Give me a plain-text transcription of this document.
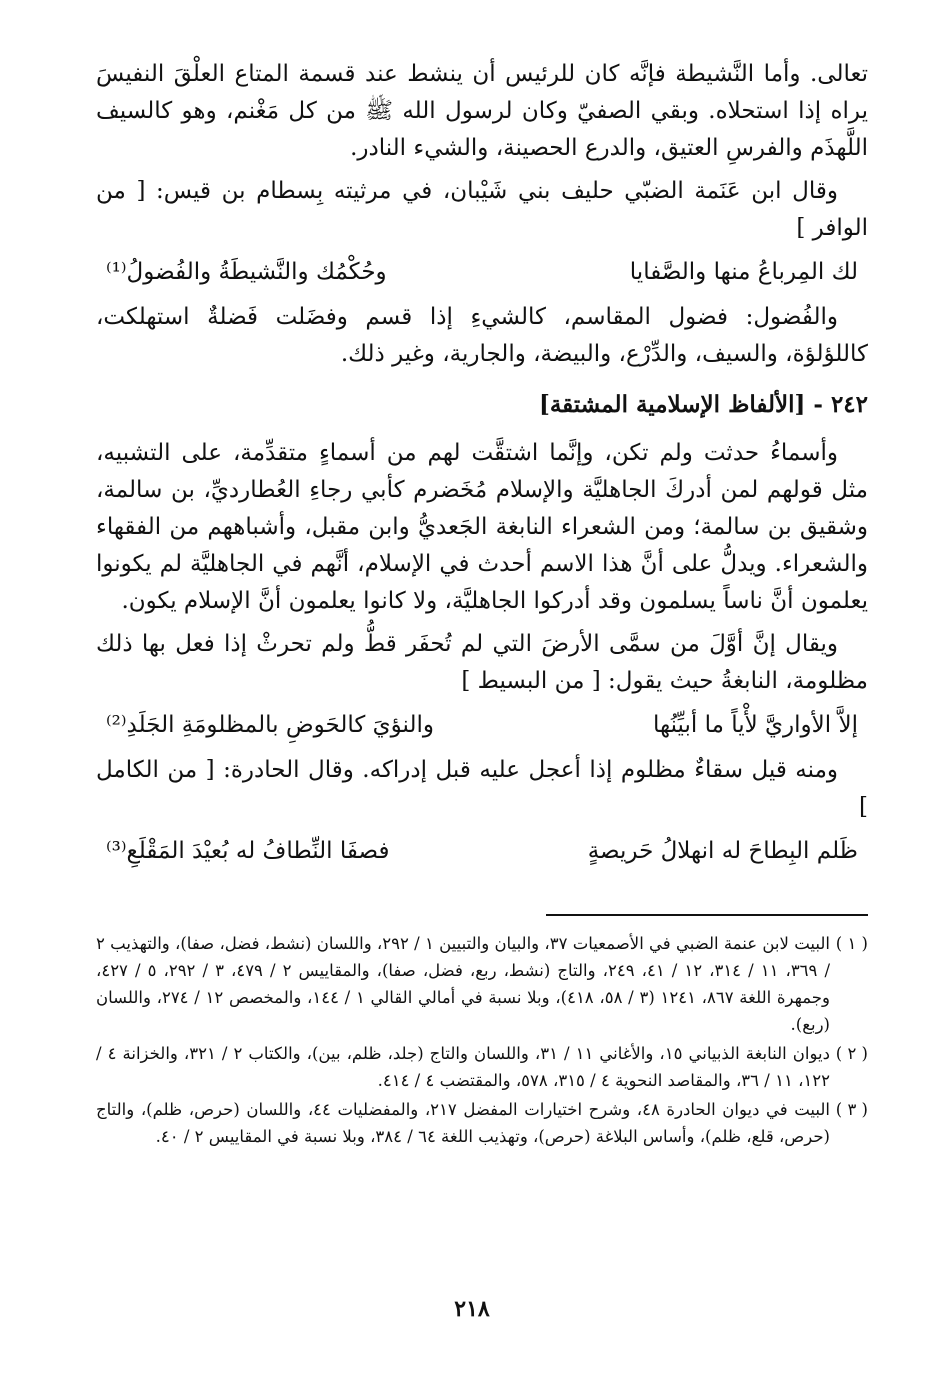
تعالى. وأما النَّشيطة فإنَّه كان للرئيس أن ينشط عند قسمة المتاع العلْقَ النفيسَ يراه إذا استحلاه. وبقي الصفيّ وكان لرسول الله ﷺ من كل مَغْنم، وهو كالسيف اللَّهذَم والفرسِ العتيق، والدرع الحصينة، والشيء النادر.

وقال ابن عَنَمة الضبّي حليف بني شَيْبان، في مرثيته بِسطام بن قيس: [ من الوافر ]

لك المِرباعُ منها والصَّفايا
وحُكْمُك والنَّشيطَةُ والفُضولُ⁽¹⁾

والفُضول: فضول المقاسم، كالشيءِ إذا قسم وفضَلت فَضلةٌ استهلكت، كاللؤلؤة، والسيف، والدِّرْع، والبيضة، والجارية، وغير ذلك.

٢٤٢ - [الألفاظ الإسلامية المشتقة]

وأسماءُ حدثت ولم تكن، وإنَّما اشتقَّت لهم من أسماءٍ متقدِّمة، على التشبيه، مثل قولهم لمن أدركَ الجاهليَّة والإسلام مُخَضرم كأبي رجاءِ العُطارديِّ، بن سالمة، وشقيق بن سالمة؛ ومن الشعراء النابغة الجَعديُّ وابن مقبل، وأشباههم من الفقهاء والشعراء. ويدلُّ على أنَّ هذا الاسم أحدث في الإسلام، أنَّهم في الجاهليَّة لم يكونوا يعلمون أنَّ ناساً يسلمون وقد أدركوا الجاهليَّة، ولا كانوا يعلمون أنَّ الإسلام يكون.

ويقال إنَّ أوَّلَ من سمَّى الأرضَ التي لم تُحفَر قطُّ ولم تحرثْ إذا فعل بها ذلك مظلومة، النابغةُ حيث يقول: [ من البسيط ]

إلاَّ الأواريَّ لأْياً ما أبيِّنُها
والنؤيَ كالحَوضِ بالمظلومَةِ الجَلَدِ⁽²⁾

ومنه قيل سقاءٌ مظلوم إذا أعجل عليه قبل إدراكه. وقال الحادرة: [ من الكامل ]

ظَلم البِطاحَ له انهلالُ حَريصةٍ
فصفَا النِّطافُ له بُعيْدَ المَقْلَعِ⁽³⁾
( ١ )
البيت لابن عنمة الضبي في الأصمعيات ٣٧، والبيان والتبيين ١ / ٢٩٢، واللسان (نشط، فضل، صفا)، والتهذيب ٢ / ٣٦٩، ١١ / ٣١٤، ١٢ / ٤١، ٢٤٩، والتاج (نشط، ربع، فضل، صفا)، والمقاييس ٢ / ٤٧٩، ٣ / ٢٩٢، ٥ / ٤٢٧، وجمهرة اللغة ٨٦٧، ١٢٤١ (٣ / ٥٨، ٤١٨)، وبلا نسبة في أمالي القالي ١ / ١٤٤، والمخصص ١٢ / ٢٧٤، واللسان (ربع).
( ٢ )
ديوان النابغة الذبياني ١٥، والأغاني ١١ / ٣١، واللسان والتاج (جلد، ظلم، بين)، والكتاب ٢ / ٣٢١، والخزانة ٤ / ١٢٢، ١١ / ٣٦، والمقاصد النحوية ٤ / ٣١٥، ٥٧٨، والمقتضب ٤ / ٤١٤.
( ٣ )
البيت في ديوان الحادرة ٤٨، وشرح اختيارات المفضل ٢١٧، والمفضليات ٤٤، واللسان (حرص، ظلم)، والتاج (حرص، قلع، ظلم)، وأساس البلاغة (حرص)، وتهذيب اللغة ٦٤ / ٣٨٤، وبلا نسبة في المقاييس ٢ / ٤٠.
٢١٨
